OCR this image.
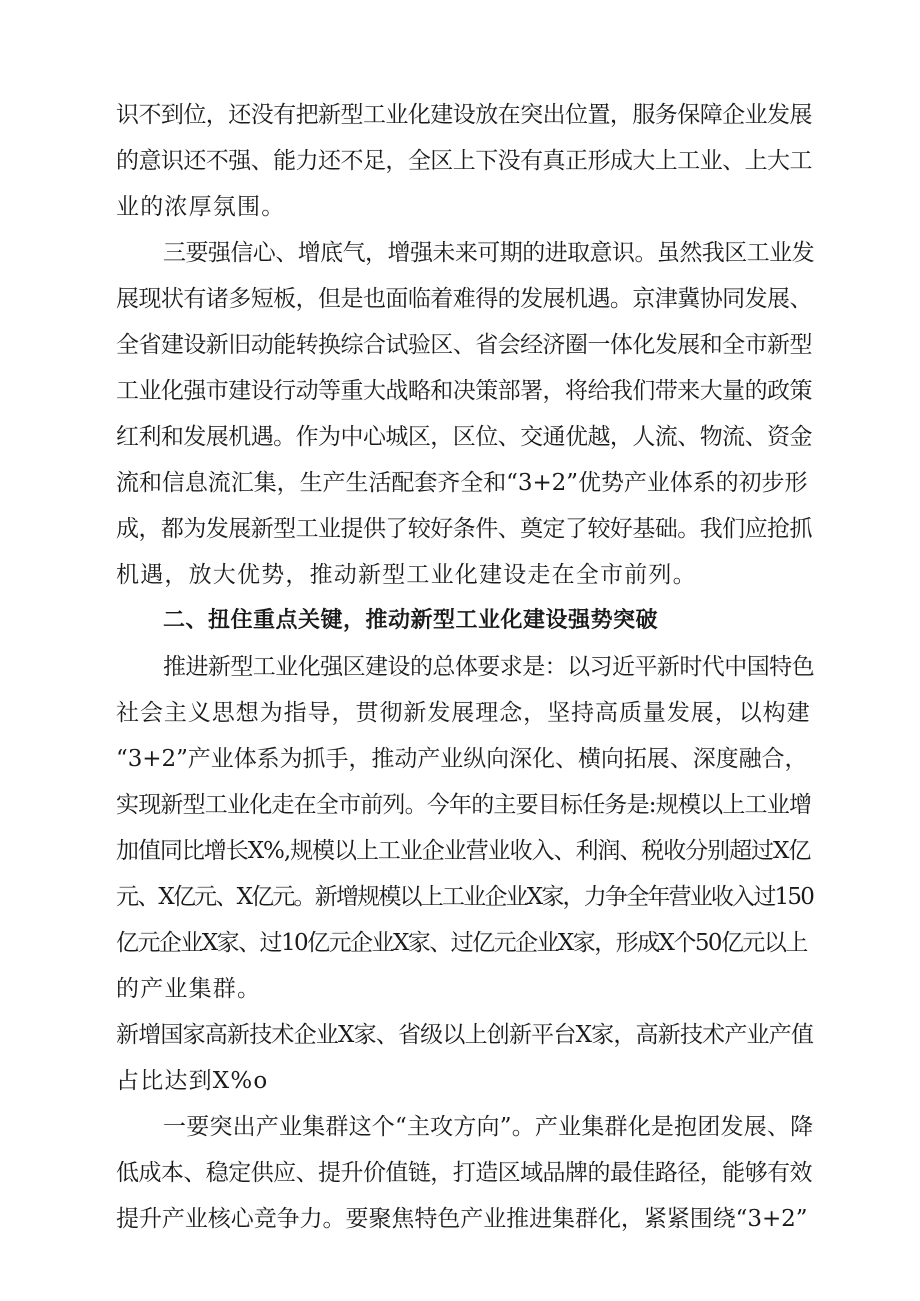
识不到位，还没有把新型工业化建设放在突出位置，服务保障企业发展
的意识还不强、能力还不足，全区上下没有真正形成大上工业、上大工
业的浓厚氛围。
三要强信心、增底气，增强未来可期的进取意识。虽然我区工业发
展现状有诸多短板，但是也面临着难得的发展机遇。京津冀协同发展、
全省建设新旧动能转换综合试验区、省会经济圈一体化发展和全市新型
工业化强市建设行动等重大战略和决策部署，将给我们带来大量的政策
红利和发展机遇。作为中心城区，区位、交通优越，人流、物流、资金
流和信息流汇集，生产生活配套齐全和“3+2”优势产业体系的初步形
成，都为发展新型工业提供了较好条件、奠定了较好基础。我们应抢抓
机遇，放大优势，推动新型工业化建设走在全市前列。
二、扭住重点关键，推动新型工业化建设强势突破
推进新型工业化强区建设的总体要求是：以习近平新时代中国特色
社会主义思想为指导，贯彻新发展理念，坚持高质量发展，以构建
“3+2”产业体系为抓手，推动产业纵向深化、横向拓展、深度融合，
实现新型工业化走在全市前列。今年的主要目标任务是:规模以上工业增
加值同比增长X%,规模以上工业企业营业收入、利润、税收分别超过X亿
元、X亿元、X亿元。新增规模以上工业企业X家，力争全年营业收入过150
亿元企业X家、过10亿元企业X家、过亿元企业X家，形成X个50亿元以上
的产业集群。
新增国家高新技术企业X家、省级以上创新平台X家，高新技术产业产值
占比达到X%o
一要突出产业集群这个“主攻方向”。产业集群化是抱团发展、降
低成本、稳定供应、提升价值链，打造区域品牌的最佳路径，能够有效
提升产业核心竞争力。要聚焦特色产业推进集群化，紧紧围绕“3+2”
